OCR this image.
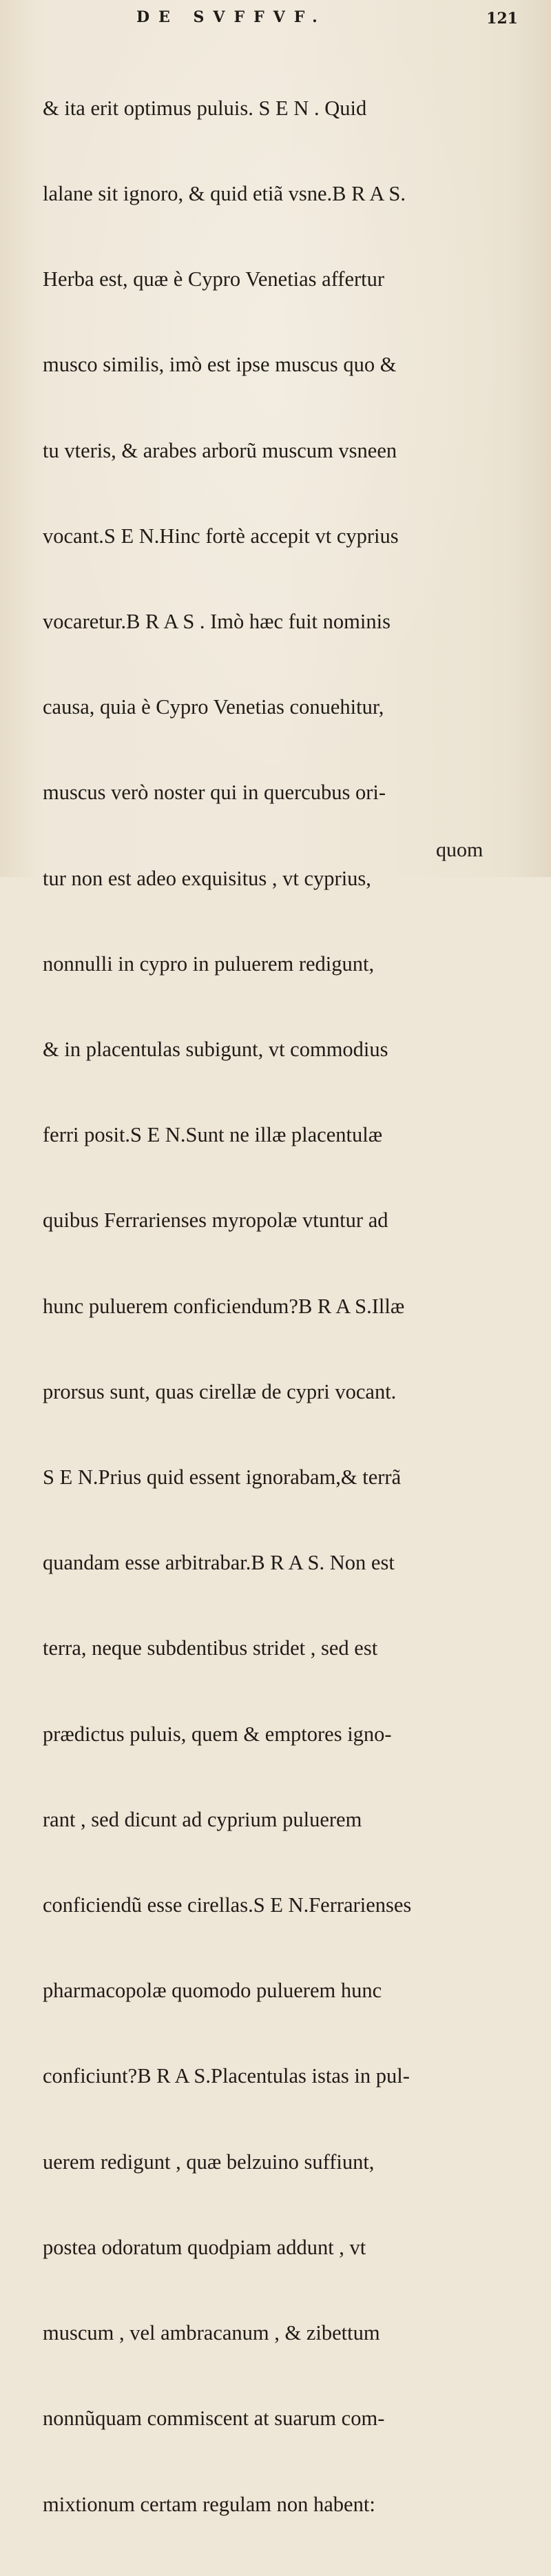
DE SVFFVF.	121

& ita erit optimus puluis. S E N . Quid

lalane sit ignoro, & quid etiã vsne.B R A S.

Herba est, quæ è Cypro Venetias affertur

musco similis, imò est ipse muscus quo &

tu vteris, & arabes arborũ muscum vsneen

vocant.S E N.Hinc fortè accepit vt cyprius

vocaretur.B R A S . Imò hæc fuit nominis

causa, quia è Cypro Venetias conuehitur,

muscus verò noster qui in quercubus ori-

tur non est adeo exquisitus , vt cyprius,

nonnulli in cypro in puluerem redigunt,

& in placentulas subigunt, vt commodius

ferri posit.S E N.Sunt ne illæ placentulæ

quibus Ferrarienses myropolæ vtuntur ad

hunc puluerem conficiendum?B R A S.Illæ

prorsus sunt, quas cirellæ de cypri vocant.

S E N.Prius quid essent ignorabam,& terrã

quandam esse arbitrabar.B R A S. Non est

terra, neque subdentibus stridet , sed est

prædictus puluis, quem & emptores igno-

rant , sed dicunt ad cyprium puluerem

conficiendũ esse cirellas.S E N.Ferrarienses

pharmacopolæ quomodo puluerem hunc

conficiunt?B R A S.Placentulas istas in pul-

uerem redigunt , quæ belzuino suffiunt,

postea odoratum quodpiam addunt , vt

muscum , vel ambracanum , & zibettum

nonnũquam commiscent at suarum com-

mixtionum certam regulam non habent:

quom
